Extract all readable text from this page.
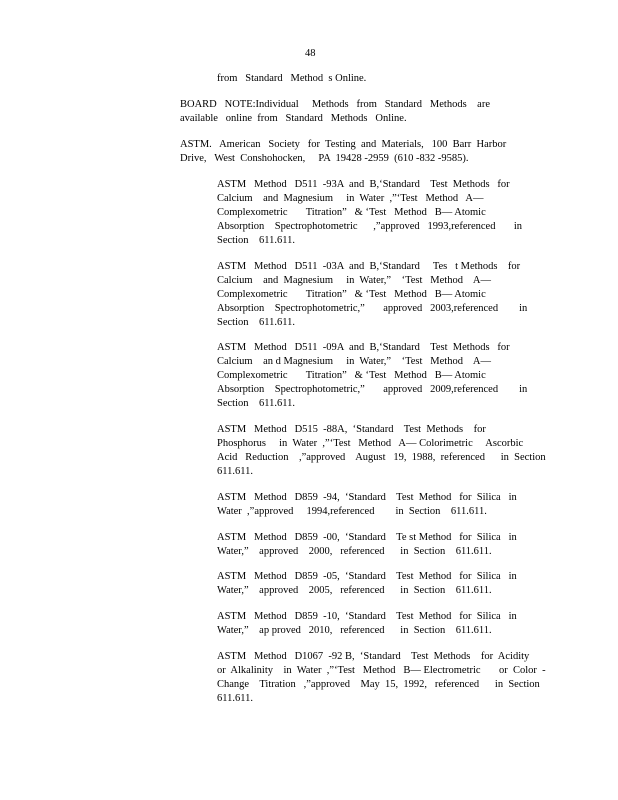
48

from   Standard   Method  s Online.

BOARD   NOTE:Individual     Methods   from   Standard   Methods    are

available   online  from   Standard   Methods   Online.

ASTM.   American   Society   for  Testing  and  Materials,   100  Barr  Harbor

Drive,   West  Conshohocken,     PA  19428 -2959  (610 -832 -9585).

ASTM   Method   D511  -93A  and  B,‘Standard    Test  Methods   for

Calcium    and  Magnesium     in  Water  ,”‘Test   Method   A—

Complexometric       Titration”   & ‘Test   Method   B— Atomic

Absorption    Spectrophotometric      ,”approved   1993,referenced       in

Section    611.611.

ASTM   Method   D511  -03A  and  B,‘Standard     Tes   t Methods    for

Calcium    and  Magnesium     in  Water,”    ‘Test   Method    A—

Complexometric       Titration”   & ‘Test   Method   B— Atomic

Absorption    Spectrophotometric,”       approved   2003,referenced        in

Section    611.611.

ASTM   Method   D511  -09A  and  B,‘Standard    Test  Methods   for

Calcium    an d Magnesium     in  Water,”    ‘Test   Method    A—

Complexometric       Titration”   & ‘Test   Method   B— Atomic

Absorption    Spectrophotometric,”       approved   2009,referenced        in

Section    611.611.

ASTM   Method   D515  -88A,  ‘Standard    Test  Methods    for

Phosphorus     in  Water  ,”‘Test   Method   A— Colorimetric     Ascorbic

Acid   Reduction    ,”approved    August   19,  1988,  referenced      in  Section

611.611.

ASTM   Method   D859  -94,  ‘Standard    Test  Method   for  Silica   in

Water  ,”approved     1994,referenced        in  Section    611.611.

ASTM   Method   D859  -00,  ‘Standard    Te st Method   for  Silica   in

Water,”    approved    2000,   referenced      in  Section    611.611.

ASTM   Method   D859  -05,  ‘Standard    Test  Method   for  Silica   in

Water,”    approved    2005,   referenced      in  Section    611.611.

ASTM   Method   D859  -10,  ‘Standard    Test  Method   for  Silica   in

Water,”    ap proved   2010,   referenced      in  Section    611.611.

ASTM   Method   D1067  -92 B,  ‘Standard    Test  Methods    for  Acidity

or  Alkalinity    in  Water  ,”‘Test   Method   B— Electrometric       or  Color  -

Change    Titration   ,”approved    May  15,  1992,   referenced      in  Section

611.611.
